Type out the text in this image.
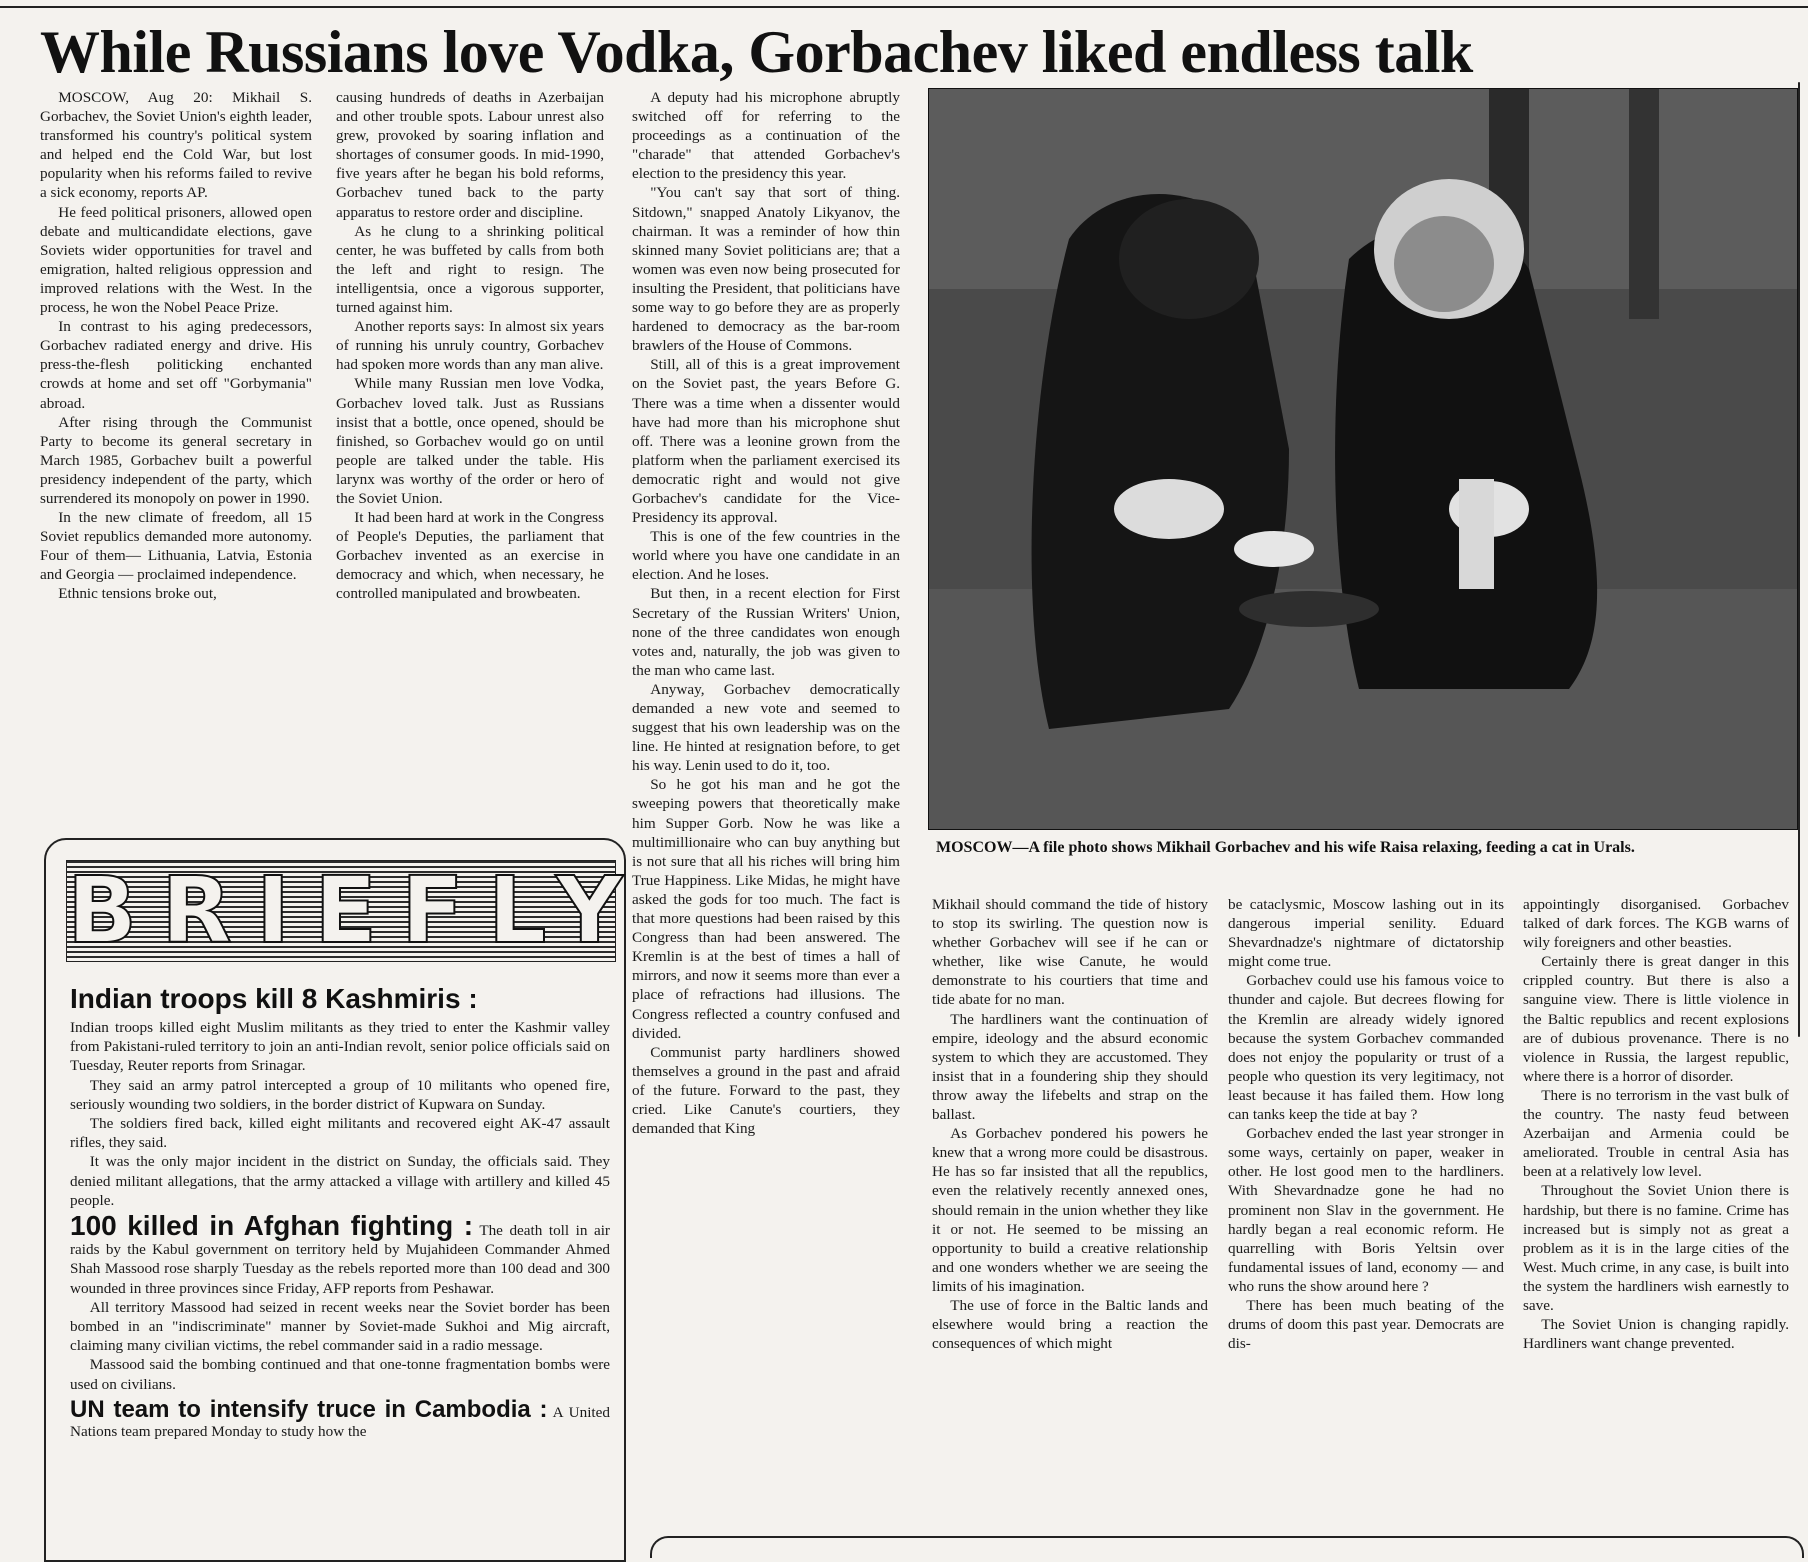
While Russians love Vodka, Gorbachev liked endless talk

MOSCOW, Aug 20: Mikhail S. Gorbachev, the Soviet Union's eighth leader, transformed his country's political system and helped end the Cold War, but lost popularity when his reforms failed to revive a sick economy, reports AP.

He feed political prisoners, allowed open debate and multicandidate elections, gave Soviets wider opportunities for travel and emigration, halted religious oppression and improved relations with the West. In the process, he won the Nobel Peace Prize.

In contrast to his aging predecessors, Gorbachev radiated energy and drive. His press-the-flesh politicking enchanted crowds at home and set off "Gorbymania" abroad.

After rising through the Communist Party to become its general secretary in March 1985, Gorbachev built a powerful presidency independent of the party, which surrendered its monopoly on power in 1990.

In the new climate of freedom, all 15 Soviet republics demanded more autonomy. Four of them— Lithuania, Latvia, Estonia and Georgia — proclaimed independence.

Ethnic tensions broke out,

causing hundreds of deaths in Azerbaijan and other trouble spots. Labour unrest also grew, provoked by soaring inflation and shortages of consumer goods. In mid-1990, five years after he began his bold reforms, Gorbachev tuned back to the party apparatus to restore order and discipline.

As he clung to a shrinking political center, he was buffeted by calls from both the left and right to resign. The intelligentsia, once a vigorous supporter, turned against him.

Another reports says: In almost six years of running his unruly country, Gorbachev had spoken more words than any man alive.

While many Russian men love Vodka, Gorbachev loved talk. Just as Russians insist that a bottle, once opened, should be finished, so Gorbachev would go on until people are talked under the table. His larynx was worthy of the order or hero of the Soviet Union.

It had been hard at work in the Congress of People's Deputies, the parliament that Gorbachev invented as an exercise in democracy and which, when necessary, he controlled manipulated and browbeaten.

A deputy had his microphone abruptly switched off for referring to the proceedings as a continuation of the "charade" that attended Gorbachev's election to the presidency this year.

"You can't say that sort of thing. Sitdown," snapped Anatoly Likyanov, the chairman. It was a reminder of how thin skinned many Soviet politicians are; that a women was even now being prosecuted for insulting the President, that politicians have some way to go before they are as properly hardened to democracy as the bar-room brawlers of the House of Commons.

Still, all of this is a great improvement on the Soviet past, the years Before G. There was a time when a dissenter would have had more than his microphone shut off. There was a leonine grown from the platform when the parliament exercised its democratic right and would not give Gorbachev's candidate for the Vice-Presidency its approval.

This is one of the few countries in the world where you have one candidate in an election. And he loses.

But then, in a recent election for First Secretary of the Russian Writers' Union, none of the three candidates won enough votes and, naturally, the job was given to the man who came last.

Anyway, Gorbachev democratically demanded a new vote and seemed to suggest that his own leadership was on the line. He hinted at resignation before, to get his way. Lenin used to do it, too.

So he got his man and he got the sweeping powers that theoretically make him Supper Gorb. Now he was like a multimillionaire who can buy anything but is not sure that all his riches will bring him True Happiness. Like Midas, he might have asked the gods for too much. The fact is that more questions had been raised by this Congress than had been answered. The Kremlin is at the best of times a hall of mirrors, and now it seems more than ever a place of refractions had illusions. The Congress reflected a country confused and divided.

Communist party hardliners showed themselves a ground in the past and afraid of the future. Forward to the past, they cried. Like Canute's courtiers, they demanded that King

MOSCOW—A file photo shows Mikhail Gorbachev and his wife Raisa relaxing, feeding a cat in Urals.

Mikhail should command the tide of history to stop its swirling. The question now is whether Gorbachev will see if he can or whether, like wise Canute, he would demonstrate to his courtiers that time and tide abate for no man.

The hardliners want the continuation of empire, ideology and the absurd economic system to which they are accustomed. They insist that in a foundering ship they should throw away the lifebelts and strap on the ballast.

As Gorbachev pondered his powers he knew that a wrong more could be disastrous. He has so far insisted that all the republics, even the relatively recently annexed ones, should remain in the union whether they like it or not. He seemed to be missing an opportunity to build a creative relationship and one wonders whether we are seeing the limits of his imagination.

The use of force in the Baltic lands and elsewhere would bring a reaction the consequences of which might

be cataclysmic, Moscow lashing out in its dangerous imperial senility. Eduard Shevardnadze's nightmare of dictatorship might come true.

Gorbachev could use his famous voice to thunder and cajole. But decrees flowing for the Kremlin are already widely ignored because the system Gorbachev commanded does not enjoy the popularity or trust of a people who question its very legitimacy, not least because it has failed them. How long can tanks keep the tide at bay ?

Gorbachev ended the last year stronger in some ways, certainly on paper, weaker in other. He lost good men to the hardliners. With Shevardnadze gone he had no prominent non Slav in the government. He hardly began a real economic reform. He quarrelling with Boris Yeltsin over fundamental issues of land, economy — and who runs the show around here ?

There has been much beating of the drums of doom this past year. Democrats are dis-

appointingly disorganised. Gorbachev talked of dark forces. The KGB warns of wily foreigners and other beasties.

Certainly there is great danger in this crippled country. But there is also a sanguine view. There is little violence in the Baltic republics and recent explosions are of dubious provenance. There is no violence in Russia, the largest republic, where there is a horror of disorder.

There is no terrorism in the vast bulk of the country. The nasty feud between Azerbaijan and Armenia could be ameliorated. Trouble in central Asia has been at a relatively low level.

Throughout the Soviet Union there is hardship, but there is no famine. Crime has increased but is simply not as great a problem as it is in the large cities of the West. Much crime, in any case, is built into the system the hardliners wish earnestly to save.

The Soviet Union is changing rapidly. Hardliners want change prevented.

BRIEFLY
Indian troops kill 8 Kashmiris :

Indian troops killed eight Muslim militants as they tried to enter the Kashmir valley from Pakistani-ruled territory to join an anti-Indian revolt, senior police officials said on Tuesday, Reuter reports from Srinagar.

They said an army patrol intercepted a group of 10 militants who opened fire, seriously wounding two soldiers, in the border district of Kupwara on Sunday.

The soldiers fired back, killed eight militants and recovered eight AK-47 assault rifles, they said.

It was the only major incident in the district on Sunday, the officials said. They denied militant allegations, that the army attacked a village with artillery and killed 45 people.

100 killed in Afghan fighting : The death toll in air raids by the Kabul government on territory held by Mujahideen Commander Ahmed Shah Massood rose sharply Tuesday as the rebels reported more than 100 dead and 300 wounded in three provinces since Friday, AFP reports from Peshawar.

All territory Massood had seized in recent weeks near the Soviet border has been bombed in an "indiscriminate" manner by Soviet-made Sukhoi and Mig aircraft, claiming many civilian victims, the rebel commander said in a radio message.

Massood said the bombing continued and that one-tonne fragmentation bombs were used on civilians.

UN team to intensify truce in Cambodia : A United Nations team prepared Monday to study how the
